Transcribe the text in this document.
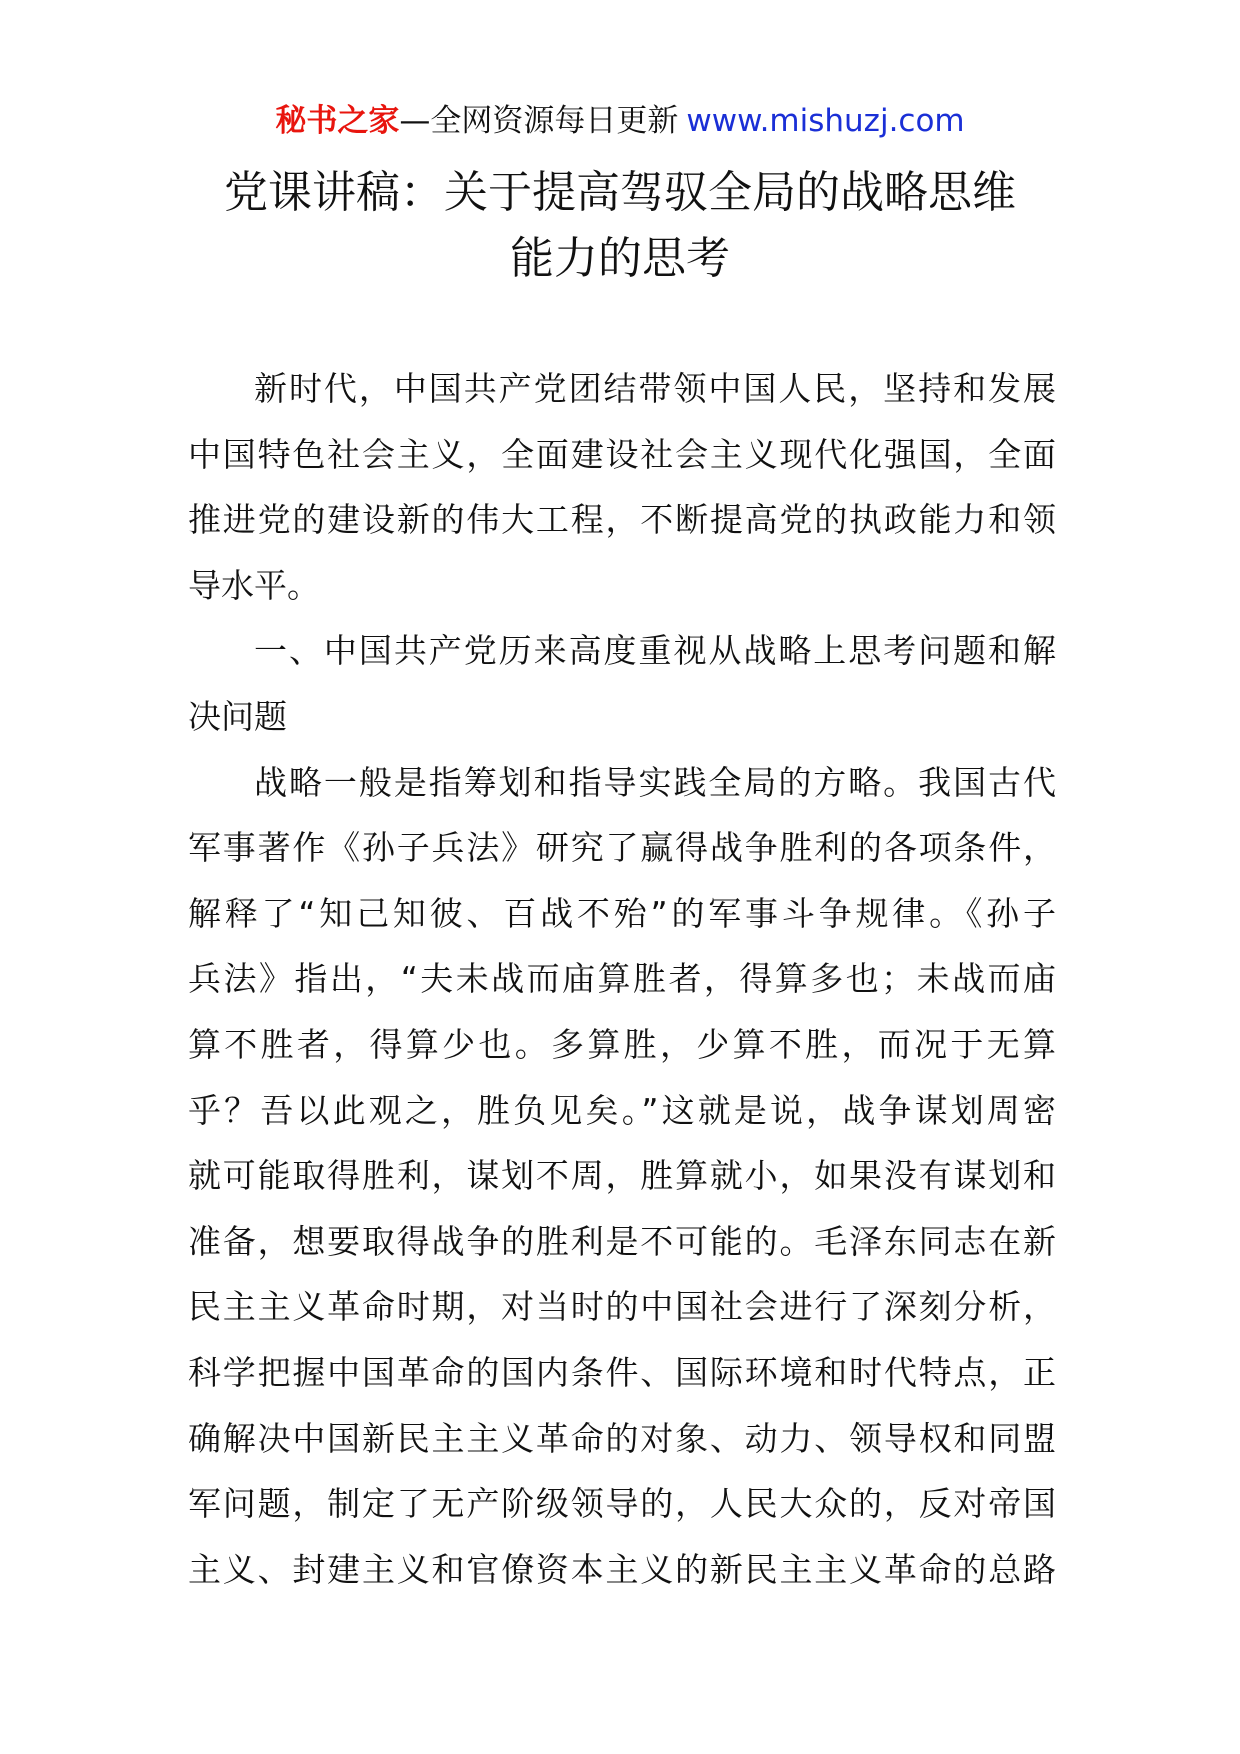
秘书之家—全网资源每日更新 www.mishuzj.com
党课讲稿：关于提高驾驭全局的战略思维
能力的思考

新时代，中国共产党团结带领中国人民，坚持和发展
中国特色社会主义，全面建设社会主义现代化强国，全面
推进党的建设新的伟大工程，不断提高党的执政能力和领
导水平。

一、中国共产党历来高度重视从战略上思考问题和解
决问题

战略一般是指筹划和指导实践全局的方略。我国古代
军事著作《孙子兵法》研究了赢得战争胜利的各项条件，
解释了“知己知彼、百战不殆”的军事斗争规律。《孙子
兵法》指出，“夫未战而庙算胜者，得算多也；未战而庙
算不胜者，得算少也。多算胜，少算不胜，而况于无算
乎？吾以此观之，胜负见矣。”这就是说，战争谋划周密
就可能取得胜利，谋划不周，胜算就小，如果没有谋划和
准备，想要取得战争的胜利是不可能的。毛泽东同志在新
民主主义革命时期，对当时的中国社会进行了深刻分析，
科学把握中国革命的国内条件、国际环境和时代特点，正
确解决中国新民主主义革命的对象、动力、领导权和同盟
军问题，制定了无产阶级领导的，人民大众的，反对帝国
主义、封建主义和官僚资本主义的新民主主义革命的总路
